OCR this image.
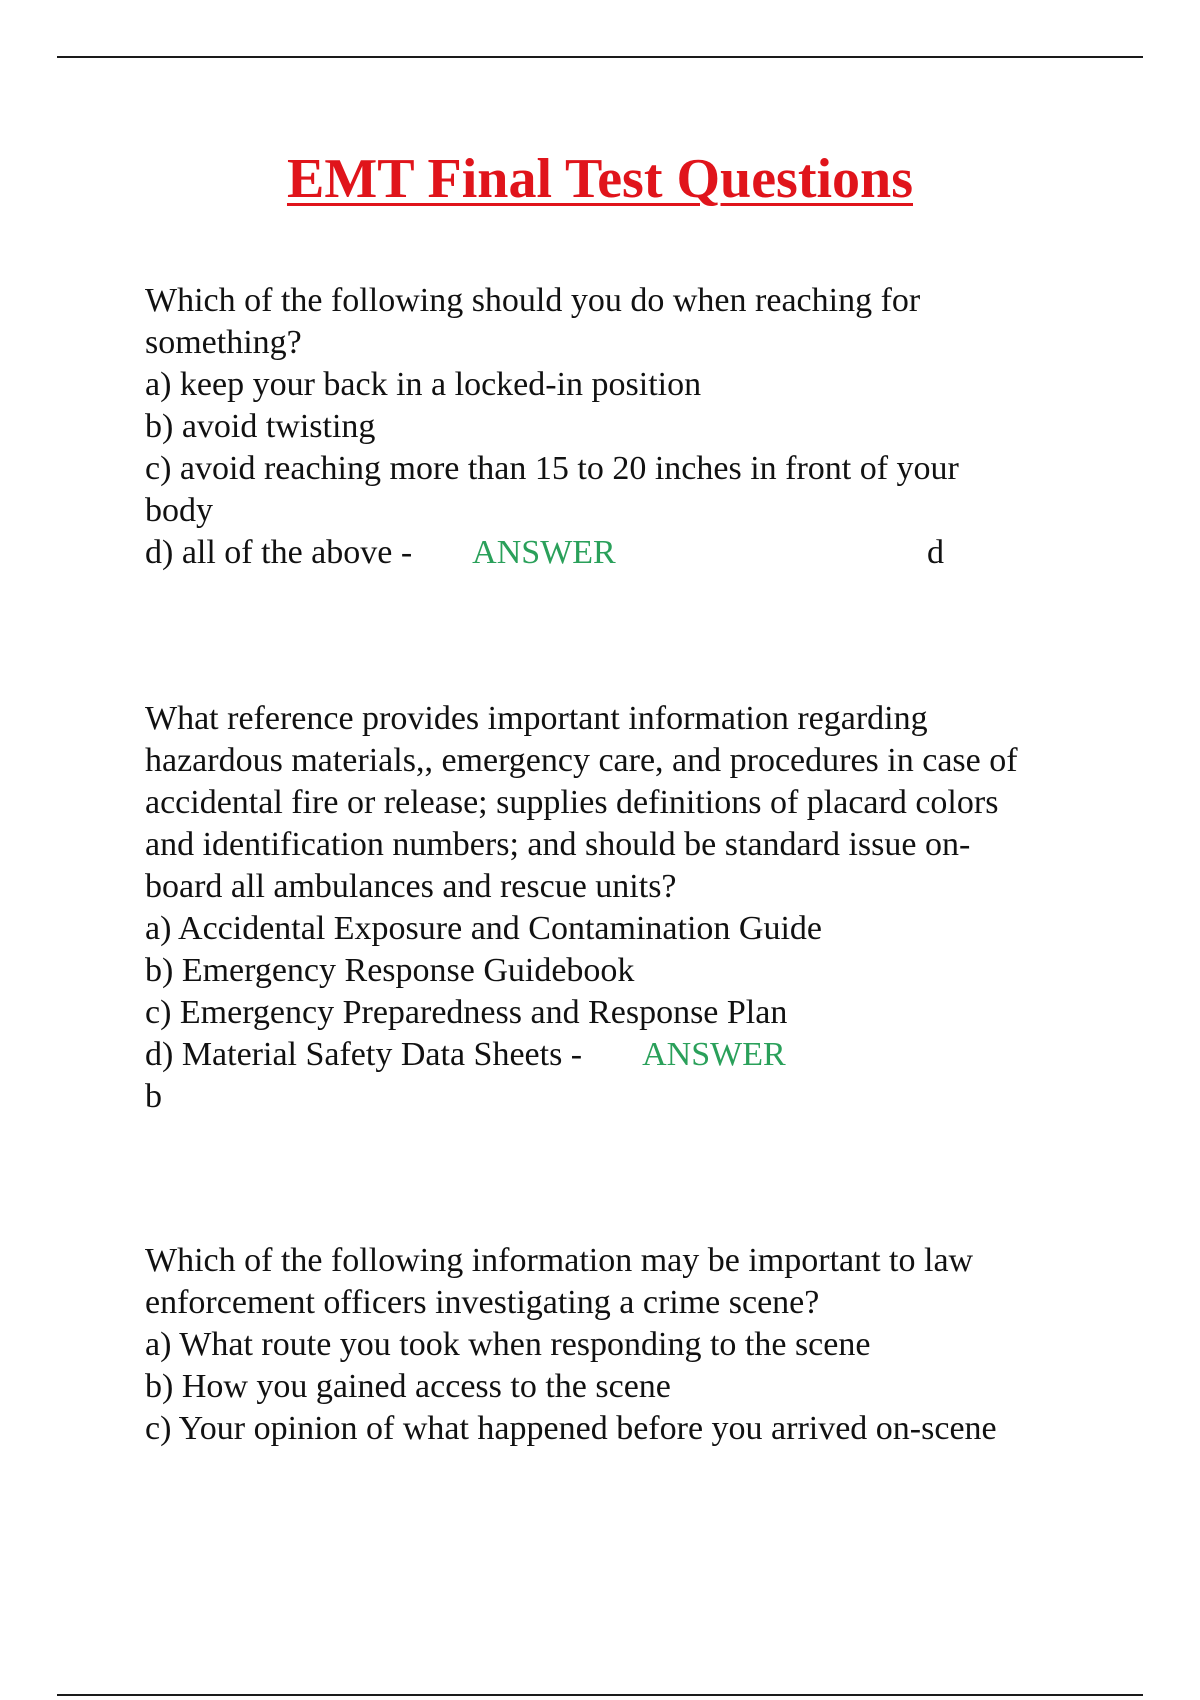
EMT Final Test Questions

Which of the following should you do when reaching for

something?

a) keep your back in a locked-in position

b) avoid twisting

c) avoid reaching more than 15 to 20 inches in front of your

body

d) all of the above - ANSWER	d

What reference provides important information regarding

hazardous materials,, emergency care, and procedures in case of

accidental fire or release; supplies definitions of placard colors

and identification numbers; and should be standard issue on-

board all ambulances and rescue units?

a) Accidental Exposure and Contamination Guide

b) Emergency Response Guidebook

c) Emergency Preparedness and Response Plan

d) Material Safety Data Sheets - ANSWER

b

Which of the following information may be important to law

enforcement officers investigating a crime scene?

a) What route you took when responding to the scene

b) How you gained access to the scene

c) Your opinion of what happened before you arrived on-scene
